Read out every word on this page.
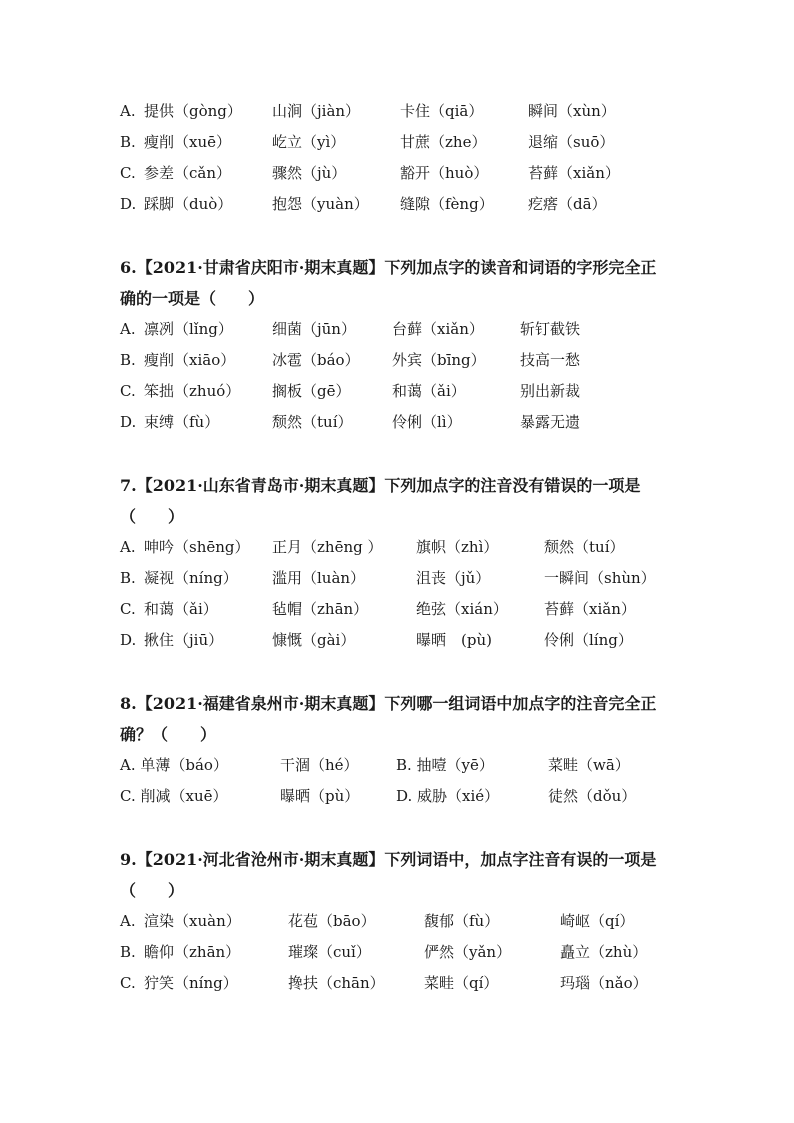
A. 提供（gòng） 山涧（jiàn）	卡住（qiā）	瞬间（xùn）
B. 瘦削（xuē）	屹立（yì）	甘蔗（zhe）	退缩（suō）
C. 参差（cǎn）	骤然（jù）	豁开（huò）	苔藓（xiǎn）
D. 踩脚（duò）	抱怨（yuàn） 缝隙（fèng） 疙瘩（dā）
6.【2021·甘肃省庆阳市·期末真题】下列加点字的读音和词语的字形完全正
确的一项是（　　）
A. 凛冽（lǐng）	细菌（jūn） 台藓（xiǎn） 斩钉截铁
B. 瘦削（xiāo） 冰雹（báo） 外宾（bīng） 技高一愁
C. 笨拙（zhuó） 搁板（gē）	和蔼（ǎi）	别出新裁
D. 束缚（fù）	颓然（tuí）	伶俐（lì）	暴露无遗
7.【2021·山东省青岛市·期末真题】下列加点字的注音没有错误的一项是
（　　）
A. 呻吟（shēng） 正月（zhēng ） 旗帜（zhì）	颓然（tuí）
B. 凝视（níng） 滥用（luàn）	沮丧（jǔ）	一瞬间（shùn）
C. 和蔼（ǎi）	毡帽（zhān）	绝弦（xián） 苔藓（xiǎn）
D. 揪住（jiū）	慷慨（gài）	曝晒　(pù)	伶俐（líng）
8.【2021·福建省泉州市·期末真题】下列哪一组词语中加点字的注音完全正
确？（　　）
A. 单薄（báo）	干涸（hé） B. 抽噎（yē）	菜畦（wā）
C. 削减（xuē）	曝晒（pù） D. 威胁（xié）	徒然（dǒu）
9.【2021·河北省沧州市·期末真题】下列词语中，加点字注音有误的一项是
（　　）
A. 渲染（xuàn）	花苞（bāo）	馥郁（fù）	崎岖（qí）
B. 瞻仰（zhān）	璀璨（cuǐ）	俨然（yǎn）	矗立（zhù）
C. 狞笑（níng）	搀扶（chān）	菜畦（qí）	玛瑙（nǎo）
